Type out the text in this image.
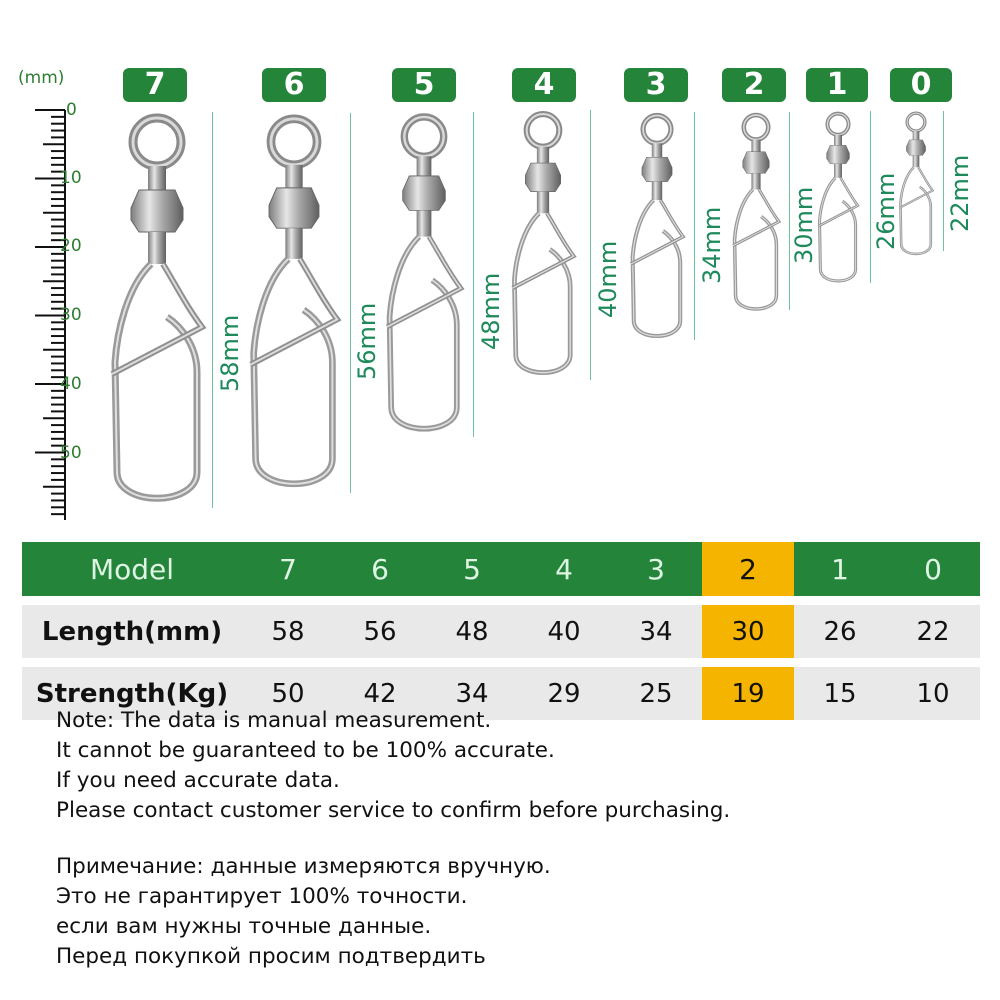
(mm)
0
10
20
30
40
50
7	6	5	4	3	2	1	0
58mm	56mm	48mm	40mm	34mm	30mm 26mm 22mm
Model	7	6	5	4	3	2	1	0
Length(mm)	58	56	48	40	34	30	26	22
Strength(Kg)	50	42	34	29	25	19	15	10
Note: The data is manual measurement.
It cannot be guaranteed to be 100% accurate.
If you need accurate data.
Please contact customer service to confirm before purchasing.
Примечание: данные измеряются вручную.
Это не гарантирует 100% точности.
если вам нужны точные данные.
Перед покупкой просим подтвердить
